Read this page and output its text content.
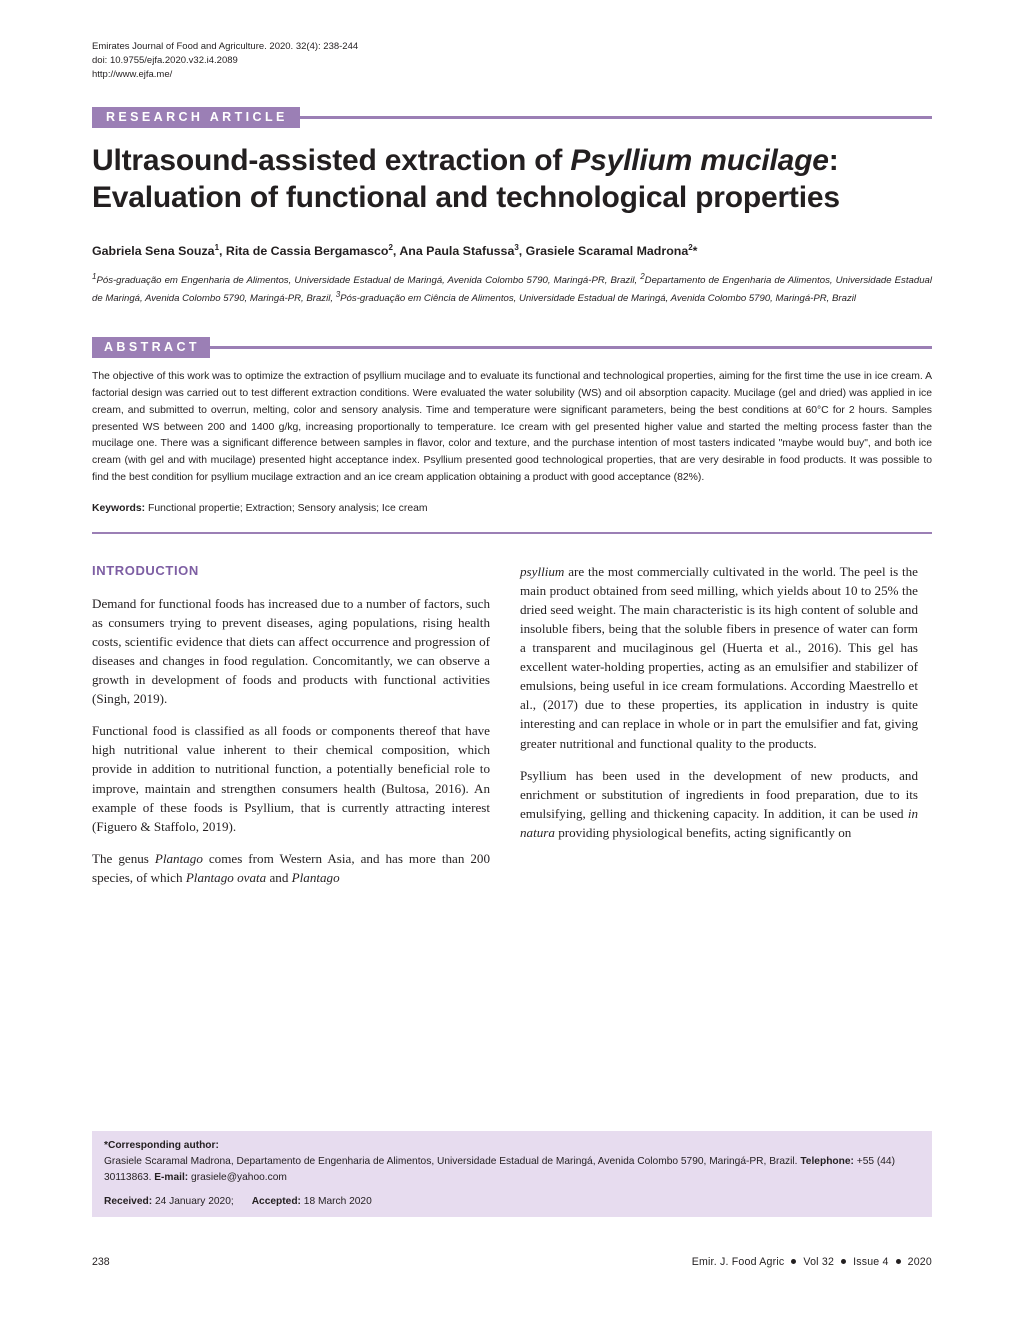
Emirates Journal of Food and Agriculture. 2020. 32(4): 238-244
doi: 10.9755/ejfa.2020.v32.i4.2089
http://www.ejfa.me/
RESEARCH ARTICLE
Ultrasound-assisted extraction of Psyllium mucilage: Evaluation of functional and technological properties
Gabriela Sena Souza$^1$, Rita de Cassia Bergamasco$^2$, Ana Paula Stafussa$^3$, Grasiele Scaramal Madrona$^2$*
$^1$Pós-graduação em Engenharia de Alimentos, Universidade Estadual de Maringá, Avenida Colombo 5790, Maringá-PR, Brazil, $^2$Departamento de Engenharia de Alimentos, Universidade Estadual de Maringá, Avenida Colombo 5790, Maringá-PR, Brazil, $^3$Pós-graduação em Ciência de Alimentos, Universidade Estadual de Maringá, Avenida Colombo 5790, Maringá-PR, Brazil
ABSTRACT
The objective of this work was to optimize the extraction of psyllium mucilage and to evaluate its functional and technological properties, aiming for the first time the use in ice cream. A factorial design was carried out to test different extraction conditions. Were evaluated the water solubility (WS) and oil absorption capacity. Mucilage (gel and dried) was applied in ice cream, and submitted to overrun, melting, color and sensory analysis. Time and temperature were significant parameters, being the best conditions at 60°C for 2 hours. Samples presented WS between 200 and 1400 g/kg, increasing proportionally to temperature. Ice cream with gel presented higher value and started the melting process faster than the mucilage one. There was a significant difference between samples in flavor, color and texture, and the purchase intention of most tasters indicated "maybe would buy", and both ice cream (with gel and with mucilage) presented hight acceptance index. Psyllium presented good technological properties, that are very desirable in food products. It was possible to find the best condition for psyllium mucilage extraction and an ice cream application obtaining a product with good acceptance (82%).
Keywords: Functional propertie; Extraction; Sensory analysis; Ice cream
INTRODUCTION

Demand for functional foods has increased due to a number of factors, such as consumers trying to prevent diseases, aging populations, rising health costs, scientific evidence that diets can affect occurrence and progression of diseases and changes in food regulation. Concomitantly, we can observe a growth in development of foods and products with functional activities (Singh, 2019).

Functional food is classified as all foods or components thereof that have high nutritional value inherent to their chemical composition, which provide in addition to nutritional function, a potentially beneficial role to improve, maintain and strengthen consumers health (Bultosa, 2016). An example of these foods is Psyllium, that is currently attracting interest (Figuero & Staffolo, 2019).

The genus Plantago comes from Western Asia, and has more than 200 species, of which Plantago ovata and Plantago

psyllium are the most commercially cultivated in the world. The peel is the main product obtained from seed milling, which yields about 10 to 25% the dried seed weight. The main characteristic is its high content of soluble and insoluble fibers, being that the soluble fibers in presence of water can form a transparent and mucilaginous gel (Huerta et al., 2016). This gel has excellent water-holding properties, acting as an emulsifier and stabilizer of emulsions, being useful in ice cream formulations. According Maestrello et al., (2017) due to these properties, its application in industry is quite interesting and can replace in whole or in part the emulsifier and fat, giving greater nutritional and functional quality to the products.

Psyllium has been used in the development of new products, and enrichment or substitution of ingredients in food preparation, due to its emulsifying, gelling and thickening capacity. In addition, it can be used in natura providing physiological benefits, acting significantly on

*Corresponding author:
Grasiele Scaramal Madrona, Departamento de Engenharia de Alimentos, Universidade Estadual de Maringá, Avenida Colombo 5790, Maringá-PR, Brazil. Telephone: +55 (44) 30113863. E-mail: grasiele@yahoo.com
Received: 24 January 2020; Accepted: 18 March 2020
238	Emir. J. Food Agric Vol 32 Issue 4 2020
